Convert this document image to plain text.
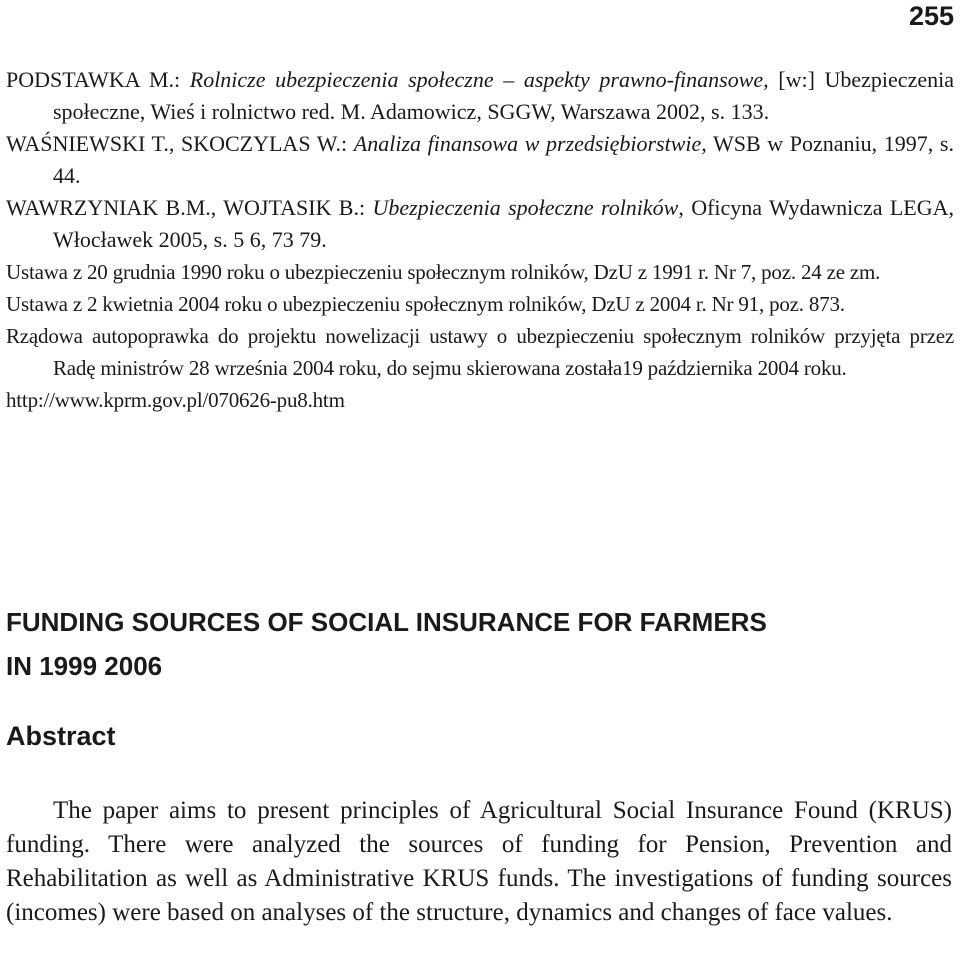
255
PODSTAWKA M.: Rolnicze ubezpieczenia społeczne – aspekty prawno-finansowe, [w:] Ubezpieczenia społeczne, Wieś i rolnictwo red. M. Adamowicz, SGGW, Warszawa 2002, s. 133.
WAŚNIEWSKI T., SKOCZYLAS W.: Analiza finansowa w przedsiębiorstwie, WSB w Poznaniu, 1997, s. 44.
WAWRZYNIAK B.M., WOJTASIK B.: Ubezpieczenia społeczne rolników, Oficyna Wydawnicza LEGA, Włocławek 2005, s. 5 6, 73 79.
Ustawa z 20 grudnia 1990 roku o ubezpieczeniu społecznym rolników, DzU z 1991 r. Nr 7, poz. 24 ze zm.
Ustawa z 2 kwietnia 2004 roku o ubezpieczeniu społecznym rolników, DzU z 2004 r. Nr 91, poz. 873.
Rządowa autopoprawka do projektu nowelizacji ustawy o ubezpieczeniu społecznym rolników przyjęta przez Radę ministrów 28 września 2004 roku, do sejmu skierowana została19 października 2004 roku.
http://www.kprm.gov.pl/070626-pu8.htm
FUNDING SOURCES OF SOCIAL INSURANCE FOR FARMERS
IN 1999 2006
Abstract
The paper aims to present principles of Agricultural Social Insurance Found (KRUS) funding. There were analyzed the sources of funding for Pension, Prevention and Rehabilitation as well as Administrative KRUS funds. The investigations of funding sources (incomes) were based on analyses of the structure, dynamics and changes of face values.
